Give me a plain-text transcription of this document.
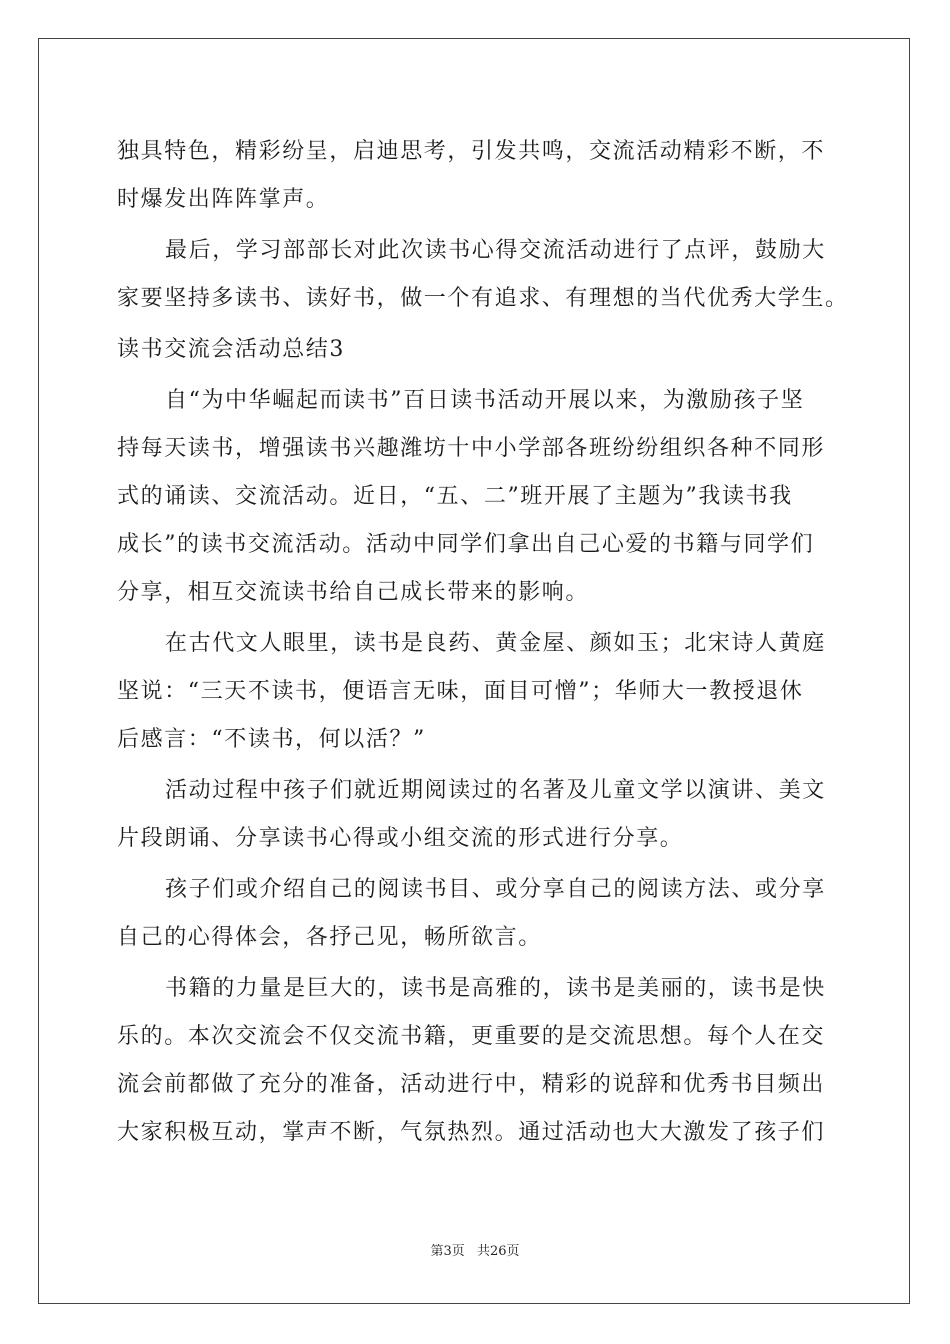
独具特色，精彩纷呈，启迪思考，引发共鸣，交流活动精彩不断，不
时爆发出阵阵掌声。
最后，学习部部长对此次读书心得交流活动进行了点评，鼓励大
家要坚持多读书、读好书，做一个有追求、有理想的当代优秀大学生。
读书交流会活动总结3
自“为中华崛起而读书”百日读书活动开展以来，为激励孩子坚
持每天读书，增强读书兴趣潍坊十中小学部各班纷纷组织各种不同形
式的诵读、交流活动。近日，“五、二”班开展了主题为”我读书我
成长”的读书交流活动。活动中同学们拿出自己心爱的书籍与同学们
分享，相互交流读书给自己成长带来的影响。
在古代文人眼里，读书是良药、黄金屋、颜如玉；北宋诗人黄庭
坚说：“三天不读书，便语言无味，面目可憎”；华师大一教授退休
后感言：“不读书，何以活？”
活动过程中孩子们就近期阅读过的名著及儿童文学以演讲、美文
片段朗诵、分享读书心得或小组交流的形式进行分享。
孩子们或介绍自己的阅读书目、或分享自己的阅读方法、或分享
自己的心得体会，各抒己见，畅所欲言。
书籍的力量是巨大的，读书是高雅的，读书是美丽的，读书是快
乐的。本次交流会不仅交流书籍，更重要的是交流思想。每个人在交
流会前都做了充分的准备，活动进行中，精彩的说辞和优秀书目频出
大家积极互动，掌声不断，气氛热烈。通过活动也大大激发了孩子们
第3页 共26页
